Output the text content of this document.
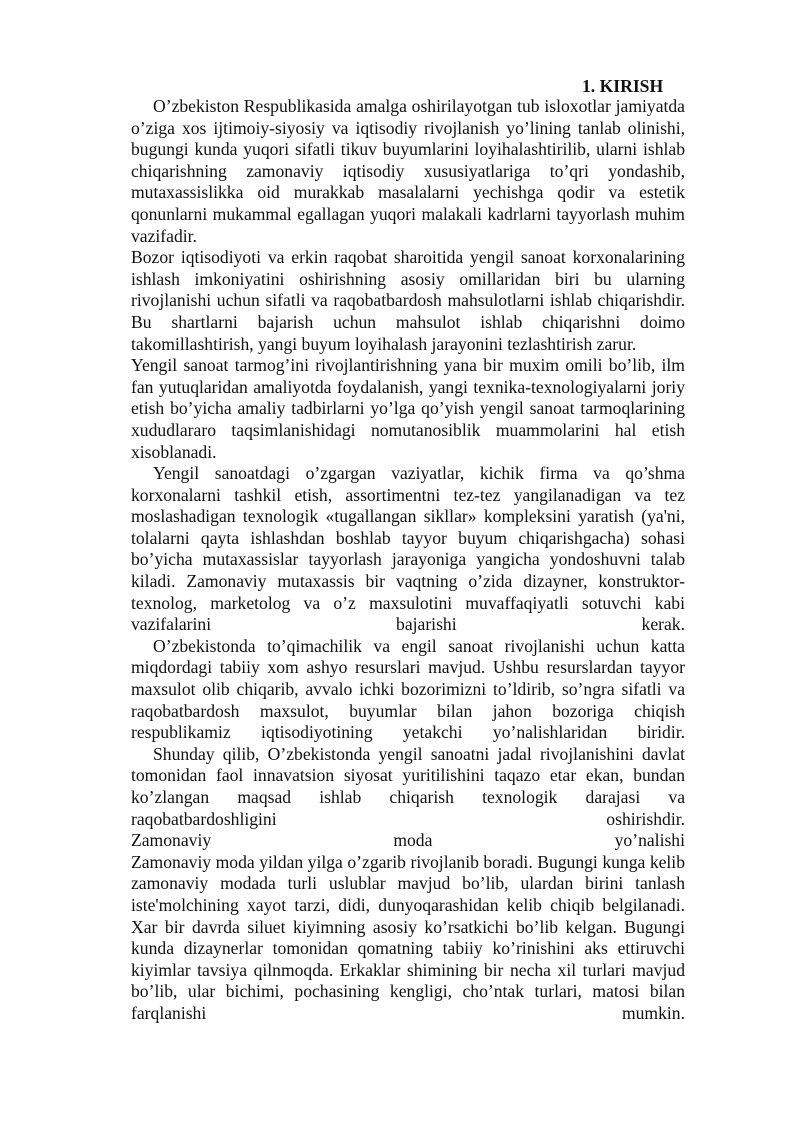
1. KIRISH

O’zbekiston Respublikasida amalga oshirilayotgan tub isloxotlar jamiyatda o’ziga xos ijtimoiy-siyosiy va iqtisodiy rivojlanish yo’lining tanlab olinishi, bugungi kunda yuqori sifatli tikuv buyumlarini loyihalashtirilib, ularni ishlab chiqarishning zamonaviy iqtisodiy xususiyatlariga to’qri yondashib, mutaxassislikka oid murakkab masalalarni yechishga qodir va estetik qonunlarni mukammal egallagan yuqori malakali kadrlarni tayyorlash muhim vazifadir.

Bozor iqtisodiyoti va erkin raqobat sharoitida yengil sanoat korxonalarining ishlash imkoniyatini oshirishning asosiy omillaridan biri bu ularning rivojlanishi uchun sifatli va raqobatbardosh mahsulotlarni ishlab chiqarishdir. Bu shartlarni bajarish uchun mahsulot ishlab chiqarishni doimo takomillashtirish, yangi buyum loyihalash jarayonini tezlashtirish zarur.

Yengil sanoat tarmog’ini rivojlantirishning yana bir muxim omili bo’lib, ilm fan yutuqlaridan amaliyotda foydalanish, yangi texnika-texnologiyalarni joriy etish bo’yicha amaliy tadbirlarni yo’lga qo’yish yengil sanoat tarmoqlarining xududlararo taqsimlanishidagi nomutanosiblik muammolarini hal etish xisoblanadi.

Yengil sanoatdagi o’zgargan vaziyatlar, kichik firma va qo’shma korxonalarni tashkil etish, assortimentni tez-tez yangilanadigan va tez moslashadigan texnologik «tugallangan sikllar» kompleksini yaratish (ya'ni, tolalarni qayta ishlashdan boshlab tayyor buyum chiqarishgacha) sohasi bo’yicha mutaxassislar tayyorlash jarayoniga yangicha yondoshuvni talab kiladi. Zamonaviy mutaxassis bir vaqtning o’zida dizayner, konstruktor-texnolog, marketolog va o’z maxsulotini muvaffaqiyatli sotuvchi kabi vazifalarini bajarishi kerak.

O’zbekistonda to’qimachilik va engil sanoat rivojlanishi uchun katta miqdordagi tabiiy xom ashyo resurslari mavjud. Ushbu resurslardan tayyor maxsulot olib chiqarib, avvalo ichki bozorimizni to’ldirib, so’ngra sifatli va raqobatbardosh maxsulot, buyumlar bilan jahon bozoriga chiqish respublikamiz iqtisodiyotining yetakchi yo’nalishlaridan biridir.

Shunday qilib, O’zbekistonda yengil sanoatni jadal rivojlanishini davlat tomonidan faol innavatsion siyosat yuritilishini taqazo etar ekan, bundan ko’zlangan maqsad ishlab chiqarish texnologik darajasi va raqobatbardoshligini oshirishdir.

Zamonaviy moda yo’nalishi

Zamonaviy moda yildan yilga o’zgarib rivojlanib boradi. Bugungi kunga kelib zamonaviy modada turli uslublar mavjud bo’lib, ulardan birini tanlash iste'molchining xayot tarzi, didi, dunyoqarashidan kelib chiqib belgilanadi. Xar bir davrda siluet kiyimning asosiy ko’rsatkichi bo’lib kelgan. Bugungi kunda dizaynerlar tomonidan qomatning tabiiy ko’rinishini aks ettiruvchi kiyimlar tavsiya qilnmoqda. Erkaklar shimining bir necha xil turlari mavjud bo’lib, ular bichimi, pochasining kengligi, cho’ntak turlari, matosi bilan farqlanishi mumkin.
